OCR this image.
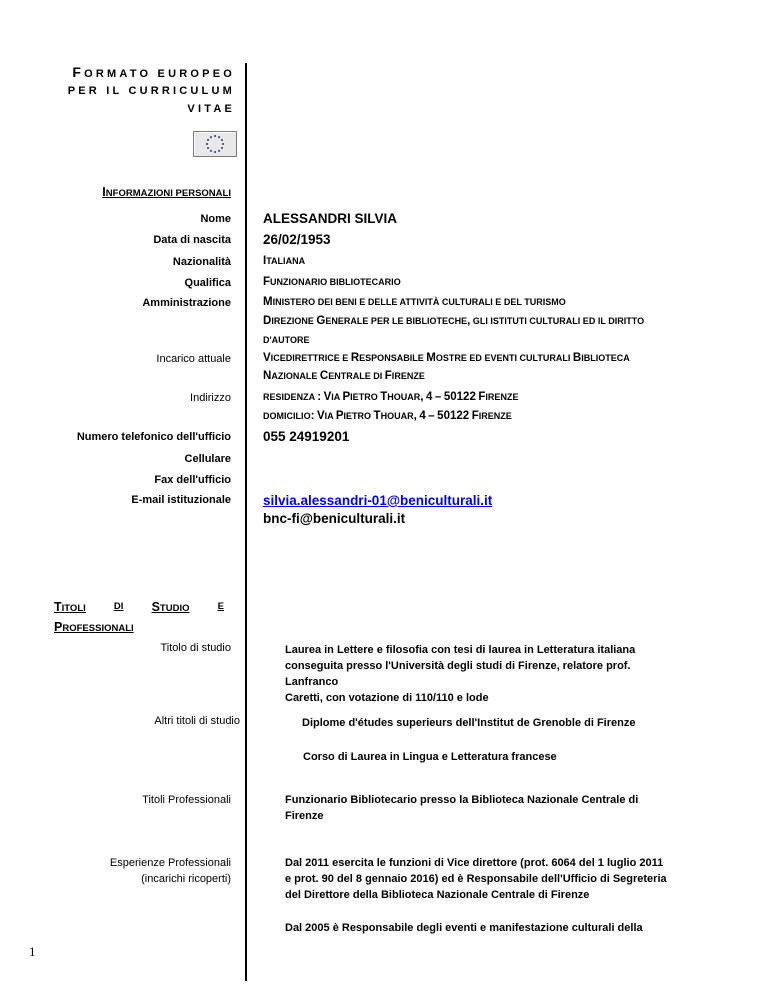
FORMATO EUROPEO
PER IL CURRICULUM
VITAE
INFORMAZIONI PERSONALI
Nome ALESSANDRI SILVIA
Data di nascita 26/02/1953
Nazionalità	ITALIANA
Qualifica	FUNZIONARIO BIBLIOTECARIO
Amministrazione	MINISTERO DEI BENI E DELLE ATTIVITÀ CULTURALI E DEL TURISMO
DIREZIONE GENERALE PER LE BIBLIOTECHE, GLI ISTITUTI CULTURALI ED IL DIRITTO
D'AUTORE
Incarico attuale	VICEDIRETTRICE E RESPONSABILE MOSTRE ED EVENTI CULTURALI BIBLIOTECA
NAZIONALE CENTRALE DI FIRENZE
Indirizzo	RESIDENZA : VIA PIETRO THOUAR, 4 – 50122 FIRENZE
DOMICILIO: VIA PIETRO THOUAR, 4 – 50122 FIRENZE
Numero telefonico dell'ufficio 055 24919201
Cellulare
Fax dell'ufficio
E-mail istituzionale silvia.alessandri-01@beniculturali.it
bnc-fi@beniculturali.it
TITOLI	DI STUDIO	E
PROFESSIONALI
Titolo di studio	Laurea in Lettere e filosofia con tesi di laurea in Letteratura italiana
conseguita presso l'Università degli studi di Firenze, relatore prof. Lanfranco
Caretti, con votazione di 110/110 e lode
Altri titoli di studio	Diplome d'études superieurs dell'Institut de Grenoble di Firenze
Corso di Laurea in Lingua e Letteratura francese
Titoli Professionali	Funzionario Bibliotecario presso la Biblioteca Nazionale Centrale di
Firenze
Esperienze Professionali
(incarichi ricoperti)
Dal 2011 esercita le funzioni di Vice direttore (prot. 6064 del 1 luglio 2011
e prot. 90 del 8 gennaio 2016) ed è Responsabile dell'Ufficio di Segreteria
del Direttore della Biblioteca Nazionale Centrale di Firenze
Dal 2005 è Responsabile degli eventi e manifestazione culturali della
1
